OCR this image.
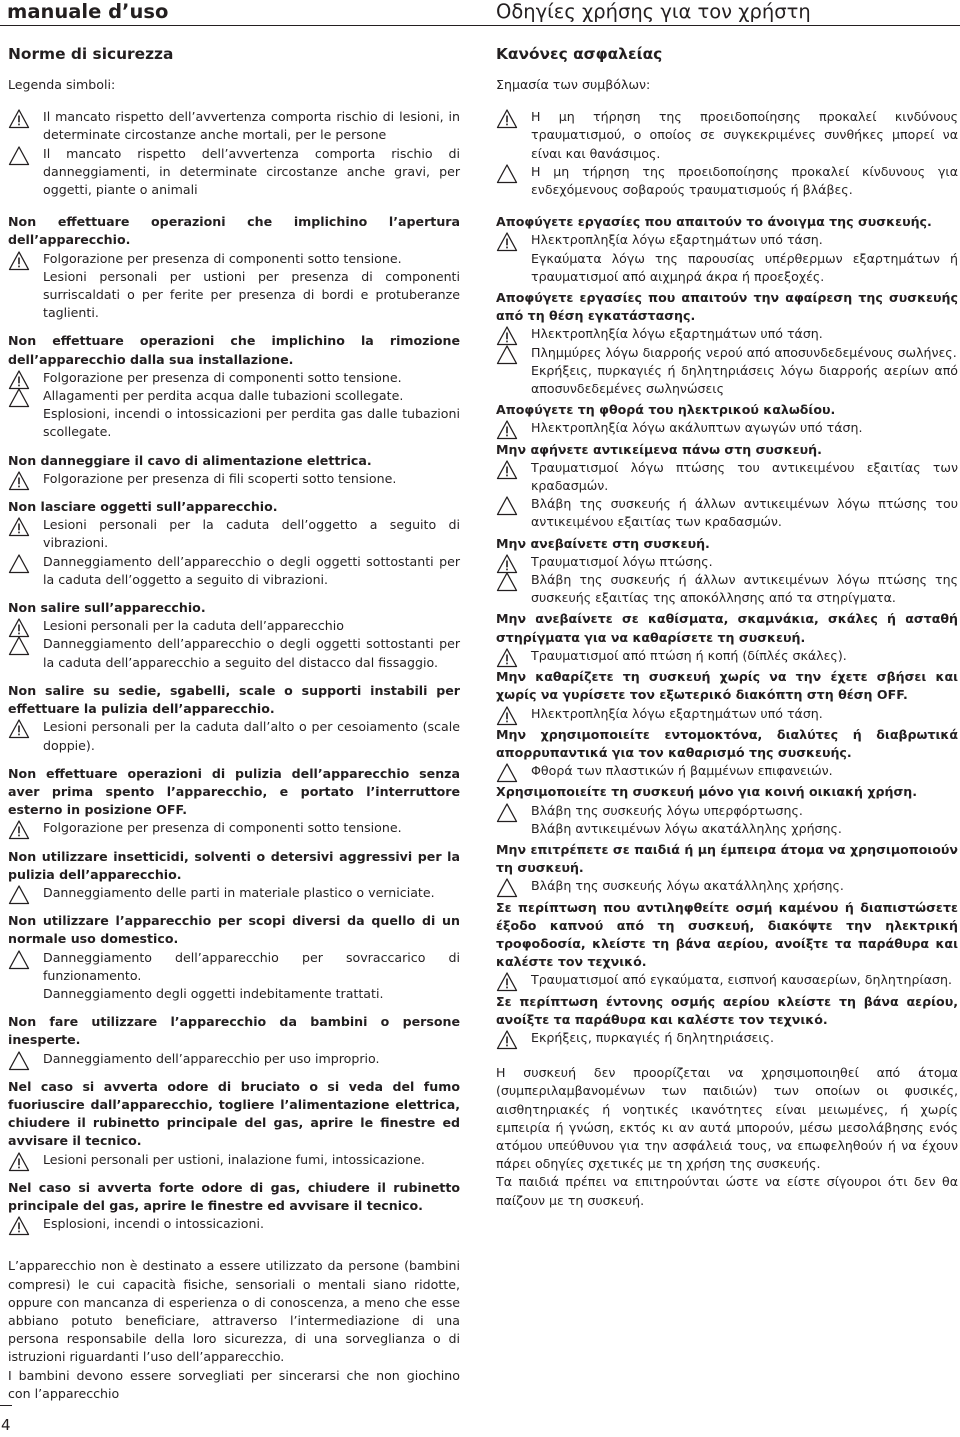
manuale d’uso	Οδηγίες χρήσης για τον χρήστη
Norme di sicurezza
Legenda simboli:
Il mancato rispetto dell’avvertenza comporta rischio di lesioni, in determinate circostanze anche mortali, per le persone
Il mancato rispetto dell’avvertenza comporta rischio di danneggiamenti, in determinate circostanze anche gravi, per oggetti, piante o animali
Non effettuare operazioni che implichino l’apertura dell’apparecchio.
Folgorazione per presenza di componenti sotto tensione.
Lesioni personali per ustioni per presenza di componenti surriscaldati o per ferite per presenza di bordi e protuberanze taglienti.
Non effettuare operazioni che implichino la rimozione dell’apparecchio dalla sua installazione.
Folgorazione per presenza di componenti sotto tensione.
Allagamenti per perdita acqua dalle tubazioni scollegate.
Esplosioni, incendi o intossicazioni per perdita gas dalle tubazioni scollegate.
Non danneggiare il cavo di alimentazione elettrica.
Folgorazione per presenza di fili scoperti sotto tensione.
Non lasciare oggetti sull’apparecchio.
Lesioni personali per la caduta dell’oggetto a seguito di vibrazioni.
Danneggiamento dell’apparecchio o degli oggetti sottostanti per la caduta dell’oggetto a seguito di vibrazioni.
Non salire sull’apparecchio.
Lesioni personali per la caduta dell’apparecchio
Danneggiamento dell’apparecchio o degli oggetti sottostanti per la caduta dell’apparecchio a seguito del distacco dal fissaggio.
Non salire su sedie, sgabelli, scale o supporti instabili per effettuare la pulizia dell’apparecchio.
Lesioni personali per la caduta dall’alto o per cesoiamento (scale doppie).
Non effettuare operazioni di pulizia dell’apparecchio senza aver prima spento l’apparecchio, e portato l’interruttore esterno in posizione OFF.
Folgorazione per presenza di componenti sotto tensione.
Non utilizzare insetticidi, solventi o detersivi aggressivi per la pulizia dell’apparecchio.
Danneggiamento delle parti in materiale plastico o verniciate.
Non utilizzare l’apparecchio per scopi diversi da quello di un normale uso domestico.
Danneggiamento dell’apparecchio per sovraccarico di funzionamento.
Danneggiamento degli oggetti indebitamente trattati.
Non fare utilizzare l’apparecchio da bambini o persone inesperte.
Danneggiamento dell’apparecchio per uso improprio.
Nel caso si avverta odore di bruciato o si veda del fumo fuoriuscire dall’apparecchio, togliere l’alimentazione elettrica, chiudere il rubinetto principale del gas, aprire le finestre ed avvisare il tecnico.
Lesioni personali per ustioni, inalazione fumi, intossicazione.
Nel caso si avverta forte odore di gas, chiudere il rubinetto principale del gas, aprire le finestre ed avvisare il tecnico.
Esplosioni, incendi o intossicazioni.
L’apparecchio non è destinato a essere utilizzato da persone (bambini compresi) le cui capacità fisiche, sensoriali o mentali siano ridotte, oppure con mancanza di esperienza o di conoscenza, a meno che esse abbiano potuto beneficiare, attraverso l’intermediazione di una persona responsabile della loro sicurezza, di una sorveglianza o di istruzioni riguardanti l’uso dell’apparecchio.
I bambini devono essere sorvegliati per sincerarsi che non giochino con l’apparecchio
Κανόνες ασφαλείας
Σημασία των συμβόλων:
Η μη τήρηση της προειδοποίησης προκαλεί κινδύνους τραυματισμού, ο οποίος σε συγκεκριμένες συνθήκες μπορεί να είναι και θανάσιμος.
Η μη τήρηση της προειδοποίησης προκαλεί κίνδυνους για ενδεχόμενους σοβαρούς τραυματισμούς ή βλάβες.
Αποφύγετε εργασίες που απαιτούν το άνοιγμα της συσκευής.
Ηλεκτροπληξία λόγω εξαρτημάτων υπό τάση.
Εγκαύματα λόγω της παρουσίας υπέρθερμων εξαρτημάτων ή τραυματισμοί από αιχμηρά άκρα ή προεξοχές.
Αποφύγετε εργασίες που απαιτούν την αφαίρεση της συσκευής από τη θέση εγκατάστασης.
Ηλεκτροπληξία λόγω εξαρτημάτων υπό τάση.
Πλημμύρες λόγω διαρροής νερού από αποσυνδεδεμένους σωλήνες.
Εκρήξεις, πυρκαγιές ή δηλητηριάσεις λόγω διαρροής αερίων από αποσυνδεδεμένες σωληνώσεις
Αποφύγετε τη φθορά του ηλεκτρικού καλωδίου.
Ηλεκτροπληξία λόγω ακάλυπτων αγωγών υπό τάση.
Μην αφήνετε αντικείμενα πάνω στη συσκευή.
Τραυματισμοί λόγω πτώσης του αντικειμένου εξαιτίας των κραδασμών.
Βλάβη της συσκευής ή άλλων αντικειμένων λόγω πτώσης του αντικειμένου εξαιτίας των κραδασμών.
Μην ανεβαίνετε στη συσκευή.
Τραυματισμοί λόγω πτώσης.
Βλάβη της συσκευής ή άλλων αντικειμένων λόγω πτώσης της συσκευής εξαιτίας της αποκόλλησης από τα στηρίγματα.
Μην ανεβαίνετε σε καθίσματα, σκαμνάκια, σκάλες ή ασταθή στηρίγματα για να καθαρίσετε τη συσκευή.
Τραυματισμοί από πτώση ή κοπή (δίπλές σκάλες).
Μην καθαρίζετε τη συσκευή χωρίς να την έχετε σβήσει και χωρίς να γυρίσετε τον εξωτερικό διακόπτη στη θέση OFF.
Ηλεκτροπληξία λόγω εξαρτημάτων υπό τάση.
Μην χρησιμοποιείτε εντομοκτόνα, διαλύτες ή διαβρωτικά απορρυπαντικά για τον καθαρισμό της συσκευής.
Φθορά των πλαστικών ή βαμμένων επιφανειών.
Χρησιμοποιείτε τη συσκευή μόνο για κοινή οικιακή χρήση.
Βλάβη της συσκευής λόγω υπερφόρτωσης.
Βλάβη αντικειμένων λόγω ακατάλληλης χρήσης.
Μην επιτρέπετε σε παιδιά ή μη έμπειρα άτομα να χρησιμοποιούν τη συσκευή.
Βλάβη της συσκευής λόγω ακατάλληλης χρήσης.
Σε περίπτωση που αντιληφθείτε οσμή καμένου ή διαπιστώσετε έξοδο καπνού από τη συσκευή, διακόψτε την ηλεκτρική τροφοδοσία, κλείστε τη βάνα αερίου, ανοίξτε τα παράθυρα και καλέστε τον τεχνικό.
Τραυματισμοί από εγκαύματα, εισπνοή καυσαερίων, δηλητηρίαση.
Σε περίπτωση έντονης οσμής αερίου κλείστε τη βάνα αερίου, ανοίξτε τα παράθυρα και καλέστε τον τεχνικό.
Εκρήξεις, πυρκαγιές ή δηλητηριάσεις.
Η συσκευή δεν προορίζεται να χρησιμοποιηθεί από άτομα (συμπεριλαμβανομένων των παιδιών) των οποίων οι φυσικές, αισθητηριακές ή νοητικές ικανότητες είναι μειωμένες, ή χωρίς εμπειρία ή γνώση, εκτός κι αν αυτά μπορούν, μέσω μεσολάβησης ενός ατόμου υπεύθυνου για την ασφάλειά τους, να επωφεληθούν ή να έχουν πάρει οδηγίες σχετικές με τη χρήση της συσκευής.
Τα παιδιά πρέπει να επιτηρούνται ώστε να είστε σίγουροι ότι δεν θα παίζουν με τη συσκευή.
4
